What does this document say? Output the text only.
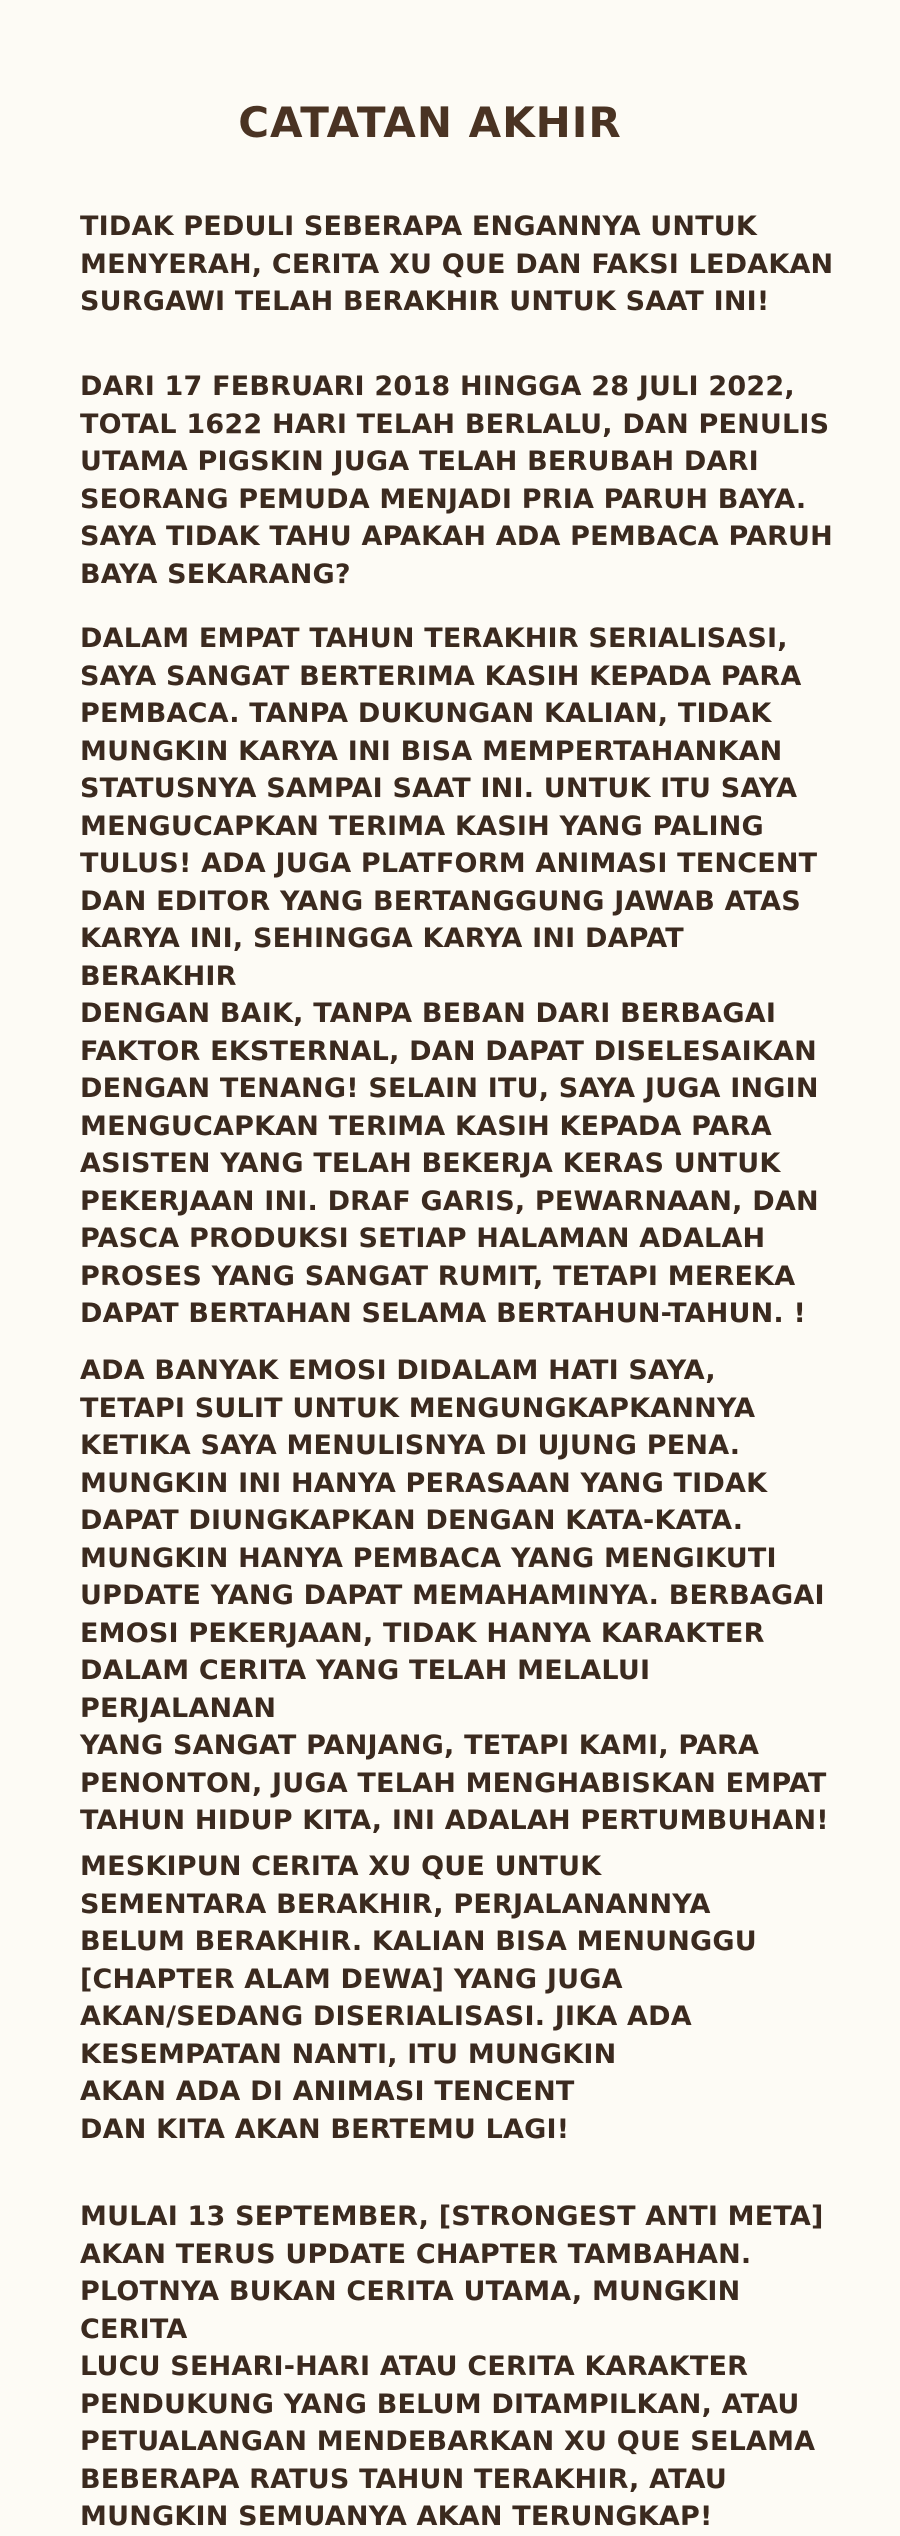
CATATAN AKHIR

TIDAK PEDULI SEBERAPA ENGANNYA UNTUK
MENYERAH, CERITA XU QUE DAN FAKSI LEDAKAN
SURGAWI TELAH BERAKHIR UNTUK SAAT INI!

DARI 17 FEBRUARI 2018 HINGGA 28 JULI 2022,
TOTAL 1622 HARI TELAH BERLALU, DAN PENULIS
UTAMA PIGSKIN JUGA TELAH BERUBAH DARI
SEORANG PEMUDA MENJADI PRIA PARUH BAYA.
SAYA TIDAK TAHU APAKAH ADA PEMBACA PARUH
BAYA SEKARANG?

DALAM EMPAT TAHUN TERAKHIR SERIALISASI,
SAYA SANGAT BERTERIMA KASIH KEPADA PARA
PEMBACA. TANPA DUKUNGAN KALIAN, TIDAK
MUNGKIN KARYA INI BISA MEMPERTAHANKAN
STATUSNYA SAMPAI SAAT INI. UNTUK ITU SAYA
MENGUCAPKAN TERIMA KASIH YANG PALING
TULUS! ADA JUGA PLATFORM ANIMASI TENCENT
DAN EDITOR YANG BERTANGGUNG JAWAB ATAS
KARYA INI, SEHINGGA KARYA INI DAPAT BERAKHIR
DENGAN BAIK, TANPA BEBAN DARI BERBAGAI
FAKTOR EKSTERNAL, DAN DAPAT DISELESAIKAN
DENGAN TENANG! SELAIN ITU, SAYA JUGA INGIN
MENGUCAPKAN TERIMA KASIH KEPADA PARA
ASISTEN YANG TELAH BEKERJA KERAS UNTUK
PEKERJAAN INI. DRAF GARIS, PEWARNAAN, DAN
PASCA PRODUKSI SETIAP HALAMAN ADALAH
PROSES YANG SANGAT RUMIT, TETAPI MEREKA
DAPAT BERTAHAN SELAMA BERTAHUN-TAHUN. !

ADA BANYAK EMOSI DIDALAM HATI SAYA,
TETAPI SULIT UNTUK MENGUNGKAPKANNYA
KETIKA SAYA MENULISNYA DI UJUNG PENA.
MUNGKIN INI HANYA PERASAAN YANG TIDAK
DAPAT DIUNGKAPKAN DENGAN KATA-KATA.
MUNGKIN HANYA PEMBACA YANG MENGIKUTI
UPDATE YANG DAPAT MEMAHAMINYA. BERBAGAI
EMOSI PEKERJAAN, TIDAK HANYA KARAKTER
DALAM CERITA YANG TELAH MELALUI PERJALANAN
YANG SANGAT PANJANG, TETAPI KAMI, PARA
PENONTON, JUGA TELAH MENGHABISKAN EMPAT
TAHUN HIDUP KITA, INI ADALAH PERTUMBUHAN!

MESKIPUN CERITA XU QUE UNTUK
SEMENTARA BERAKHIR, PERJALANANNYA
BELUM BERAKHIR. KALIAN BISA MENUNGGU
[CHAPTER ALAM DEWA] YANG JUGA
AKAN/SEDANG DISERIALISASI. JIKA ADA
KESEMPATAN NANTI, ITU MUNGKIN
AKAN ADA DI ANIMASI TENCENT
DAN KITA AKAN BERTEMU LAGI!

MULAI 13 SEPTEMBER, [STRONGEST ANTI META]
AKAN TERUS UPDATE CHAPTER TAMBAHAN.
PLOTNYA BUKAN CERITA UTAMA, MUNGKIN CERITA
LUCU SEHARI-HARI ATAU CERITA KARAKTER
PENDUKUNG YANG BELUM DITAMPILKAN, ATAU
PETUALANGAN MENDEBARKAN XU QUE SELAMA
BEBERAPA RATUS TAHUN TERAKHIR, ATAU
MUNGKIN SEMUANYA AKAN TERUNGKAP!
